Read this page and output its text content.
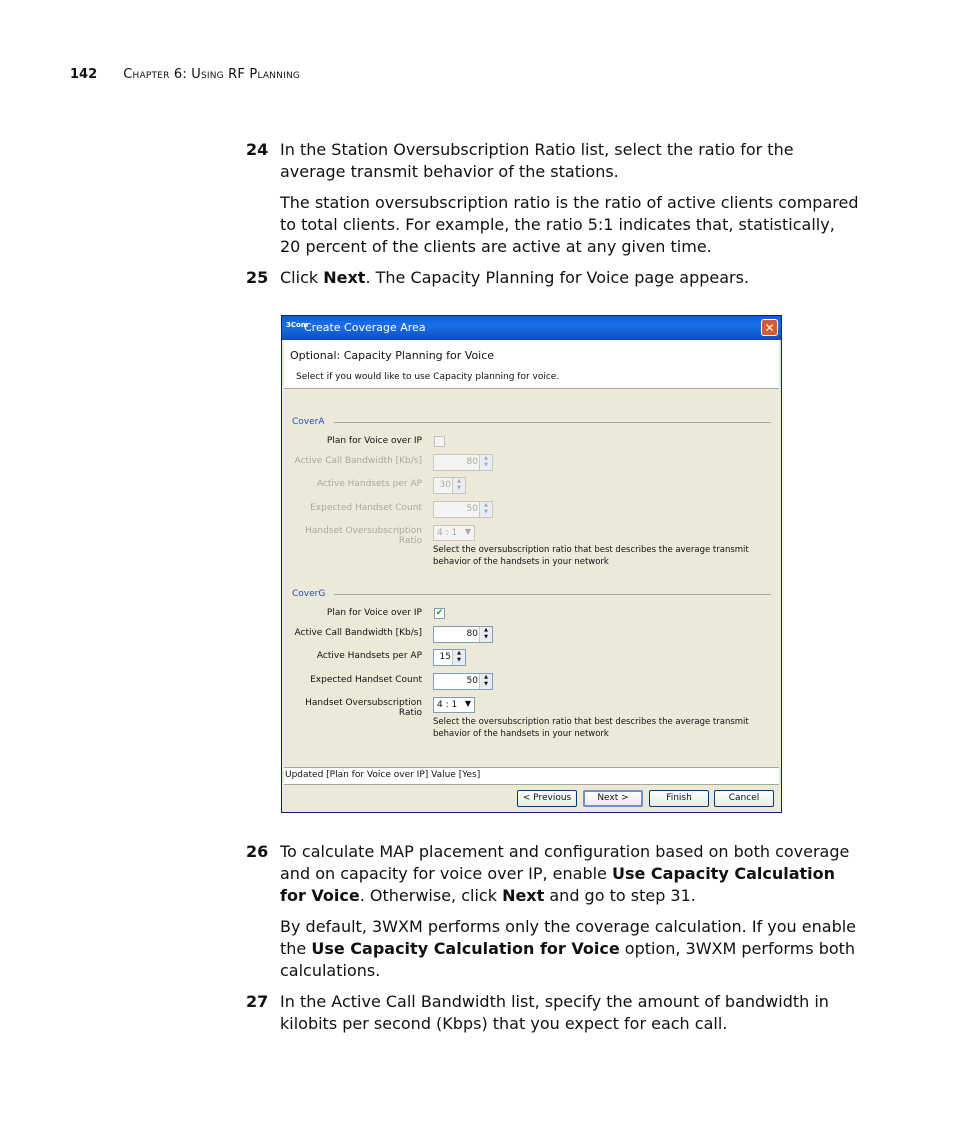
142 Chapter 6: Using RF Planning
24 In the Station Oversubscription Ratio list, select the ratio for the average transmit behavior of the stations.
The station oversubscription ratio is the ratio of active clients compared to total clients. For example, the ratio 5:1 indicates that, statistically, 20 percent of the clients are active at any given time.
25 Click Next. The Capacity Planning for Voice page appears.
3Com
Create Coverage Area	✕
Optional: Capacity Planning for Voice
Select if you would like to use Capacity planning for voice.
CoverA
Plan for Voice over IP
Active Call Bandwidth [Kb/s]	80	▲
▼
Active Handsets per AP 30	▲
▼
Expected Handset Count	50	▲
▼
Handset Oversubscription Ratio
4 : 1 ▼
Select the oversubscription ratio that best describes the average transmit behavior of the handsets in your network
CoverG
Plan for Voice over IP ✔
Active Call Bandwidth [Kb/s]	80	▲
▼
Active Handsets per AP 15	▲
▼
Expected Handset Count	50	▲
▼
Handset Oversubscription Ratio
4 : 1 ▼
Select the oversubscription ratio that best describes the average transmit behavior of the handsets in your network
Updated [Plan for Voice over IP] Value [Yes]
< Previous	Next >	Finish	Cancel
26 To calculate MAP placement and configuration based on both coverage and on capacity for voice over IP, enable Use Capacity Calculation for Voice. Otherwise, click Next and go to step 31.
By default, 3WXM performs only the coverage calculation. If you enable the Use Capacity Calculation for Voice option, 3WXM performs both calculations.
27 In the Active Call Bandwidth list, specify the amount of bandwidth in kilobits per second (Kbps) that you expect for each call.
